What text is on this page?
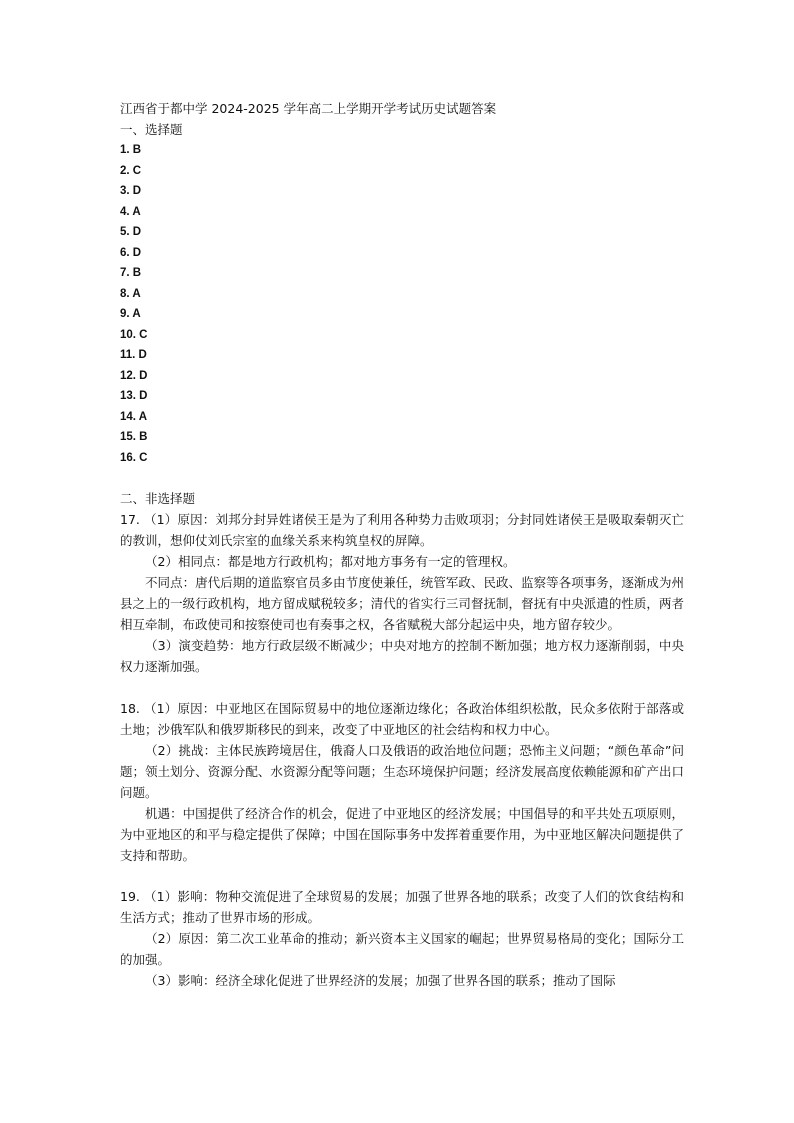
江西省于都中学 2024-2025 学年高二上学期开学考试历史试题答案
一、选择题
1. B
2. C
3. D
4. A
5. D
6. D
7. B
8. A
9. A
10. C
11. D
12. D
13. D
14. A
15. B
16. C
二、非选择题

17. （1）原因：刘邦分封异姓诸侯王是为了利用各种势力击败项羽；分封同姓诸侯王是吸取秦朝灭亡的教训，想仰仗刘氏宗室的血缘关系来构筑皇权的屏障。

（2）相同点：都是地方行政机构；都对地方事务有一定的管理权。

不同点：唐代后期的道监察官员多由节度使兼任，统管军政、民政、监察等各项事务，逐渐成为州县之上的一级行政机构，地方留成赋税较多；清代的省实行三司督抚制，督抚有中央派遣的性质，两者相互牵制，布政使司和按察使司也有奏事之权，各省赋税大部分起运中央，地方留存较少。

（3）演变趋势：地方行政层级不断减少；中央对地方的控制不断加强；地方权力逐渐削弱，中央权力逐渐加强。

18. （1）原因：中亚地区在国际贸易中的地位逐渐边缘化；各政治体组织松散，民众多依附于部落或土地；沙俄军队和俄罗斯移民的到来，改变了中亚地区的社会结构和权力中心。

（2）挑战：主体民族跨境居住，俄裔人口及俄语的政治地位问题；恐怖主义问题；“颜色革命”问题；领土划分、资源分配、水资源分配等问题；生态环境保护问题；经济发展高度依赖能源和矿产出口问题。

机遇：中国提供了经济合作的机会，促进了中亚地区的经济发展；中国倡导的和平共处五项原则，为中亚地区的和平与稳定提供了保障；中国在国际事务中发挥着重要作用，为中亚地区解决问题提供了支持和帮助。

19. （1）影响：物种交流促进了全球贸易的发展；加强了世界各地的联系；改变了人们的饮食结构和生活方式；推动了世界市场的形成。

（2）原因：第二次工业革命的推动；新兴资本主义国家的崛起；世界贸易格局的变化；国际分工的加强。

（3）影响：经济全球化促进了世界经济的发展；加强了世界各国的联系；推动了国际
